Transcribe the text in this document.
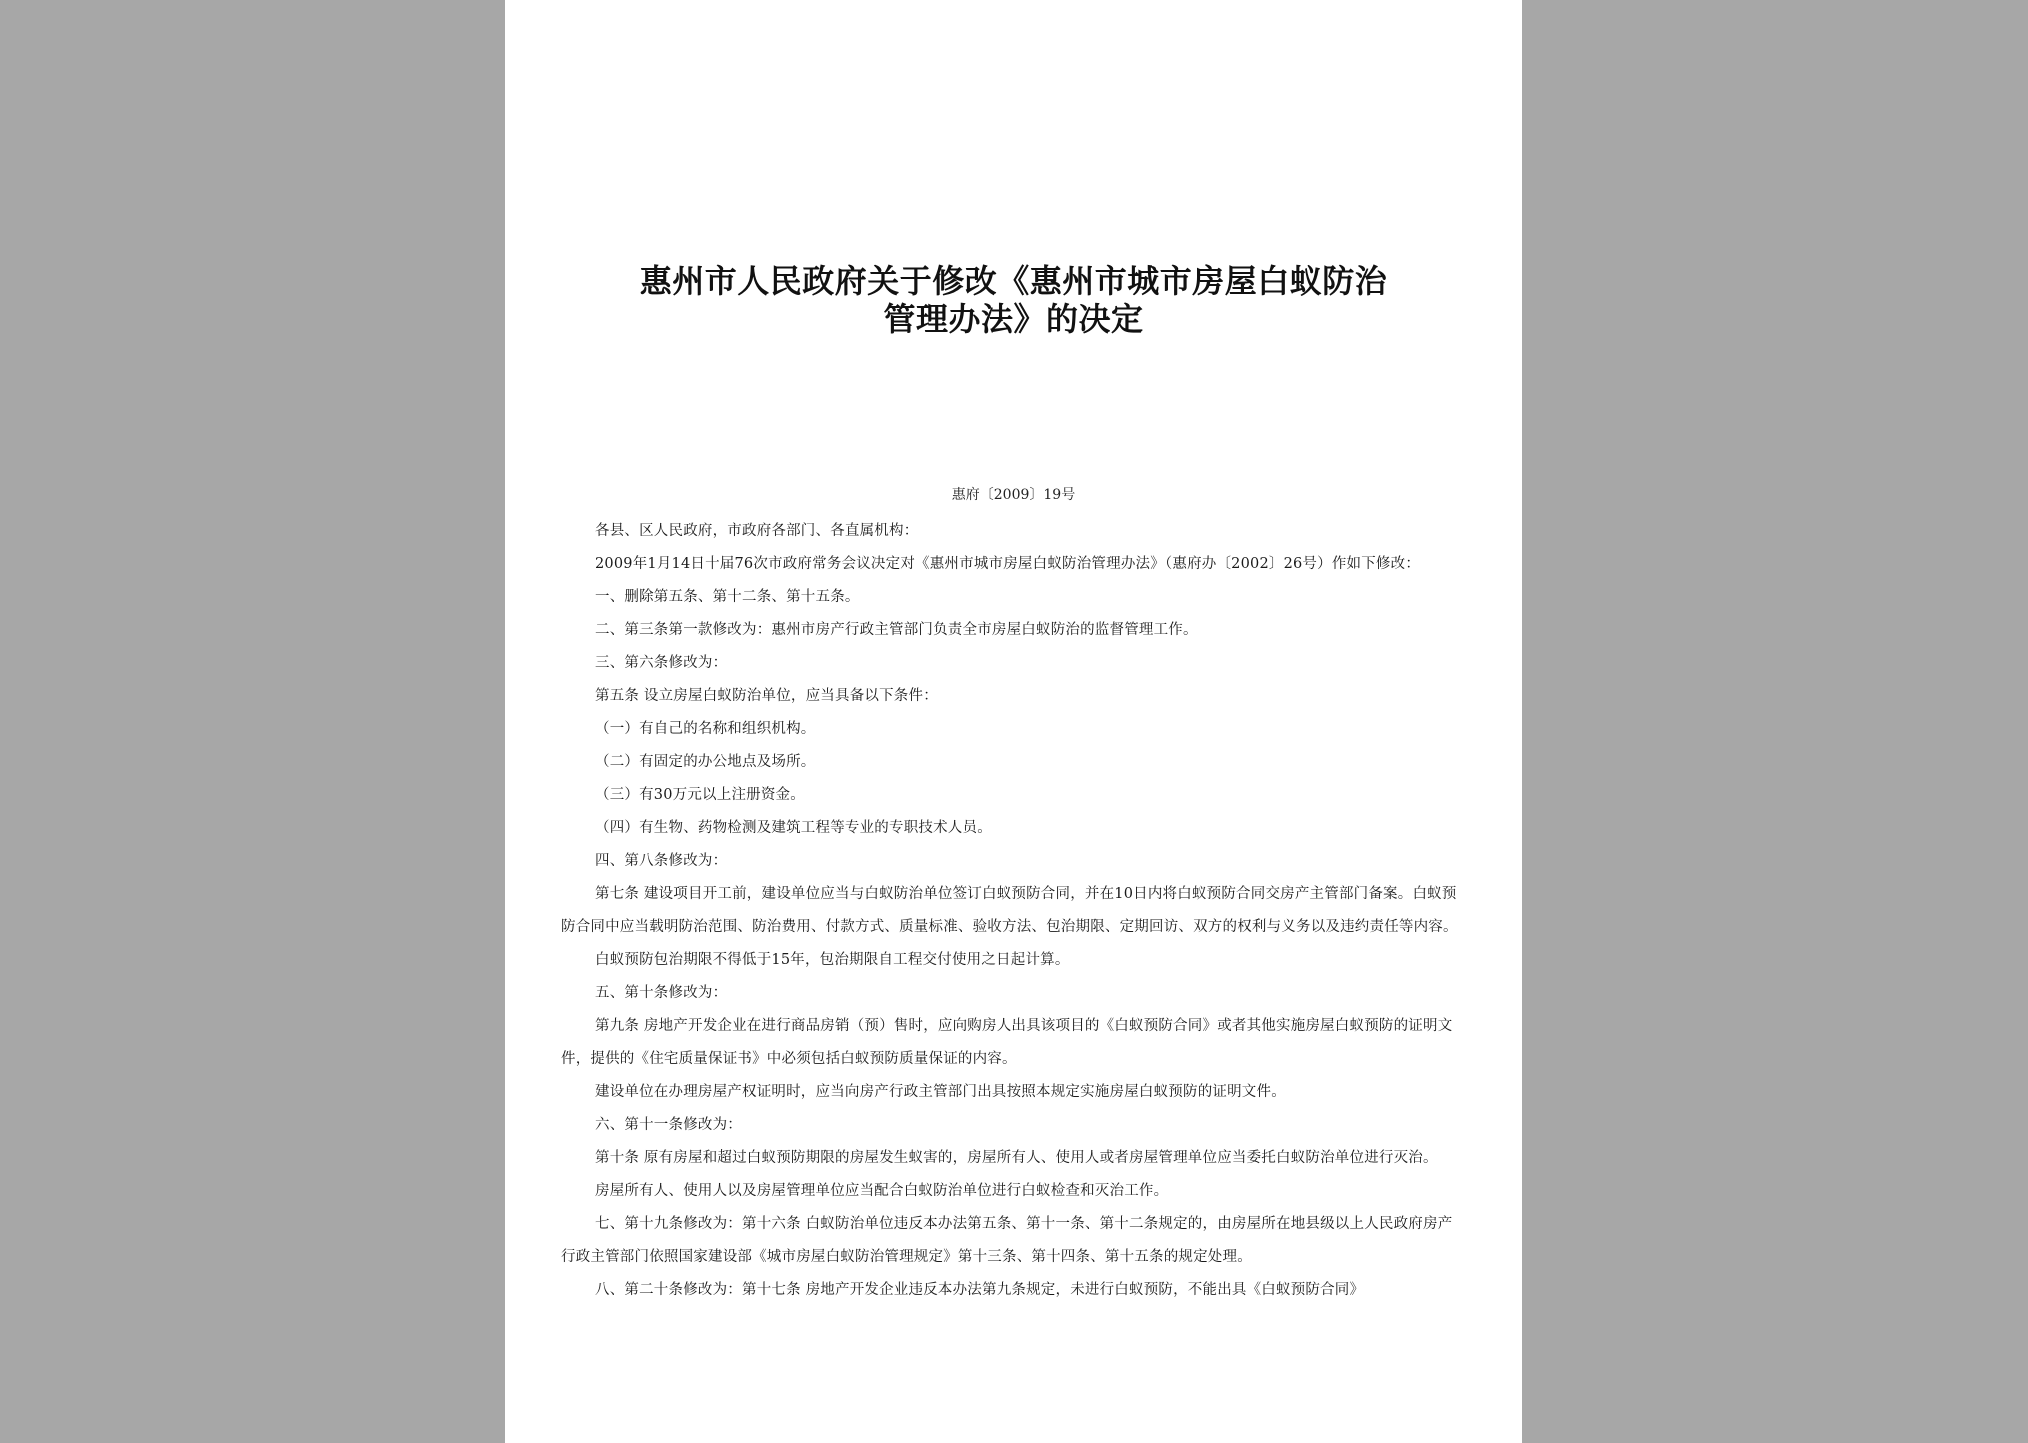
惠州市人民政府关于修改《惠州市城市房屋白蚁防治
管理办法》的决定
惠府〔2009〕19号

各县、区人民政府，市政府各部门、各直属机构：

2009年1月14日十届76次市政府常务会议决定对《惠州市城市房屋白蚁防治管理办法》（惠府办〔2002〕26号）作如下修改：

一、删除第五条、第十二条、第十五条。

二、第三条第一款修改为：惠州市房产行政主管部门负责全市房屋白蚁防治的监督管理工作。

三、第六条修改为：

第五条 设立房屋白蚁防治单位，应当具备以下条件：

（一）有自己的名称和组织机构。

（二）有固定的办公地点及场所。

（三）有30万元以上注册资金。

（四）有生物、药物检测及建筑工程等专业的专职技术人员。

四、第八条修改为：

第七条 建设项目开工前，建设单位应当与白蚁防治单位签订白蚁预防合同，并在10日内将白蚁预防合同交房产主管部门备案。白蚁预防合同中应当载明防治范围、防治费用、付款方式、质量标准、验收方法、包治期限、定期回访、双方的权利与义务以及违约责任等内容。

白蚁预防包治期限不得低于15年，包治期限自工程交付使用之日起计算。

五、第十条修改为：

第九条 房地产开发企业在进行商品房销（预）售时，应向购房人出具该项目的《白蚁预防合同》或者其他实施房屋白蚁预防的证明文件，提供的《住宅质量保证书》中必须包括白蚁预防质量保证的内容。

建设单位在办理房屋产权证明时，应当向房产行政主管部门出具按照本规定实施房屋白蚁预防的证明文件。

六、第十一条修改为：

第十条 原有房屋和超过白蚁预防期限的房屋发生蚁害的，房屋所有人、使用人或者房屋管理单位应当委托白蚁防治单位进行灭治。

房屋所有人、使用人以及房屋管理单位应当配合白蚁防治单位进行白蚁检查和灭治工作。

七、第十九条修改为：第十六条 白蚁防治单位违反本办法第五条、第十一条、第十二条规定的，由房屋所在地县级以上人民政府房产行政主管部门依照国家建设部《城市房屋白蚁防治管理规定》第十三条、第十四条、第十五条的规定处理。

八、第二十条修改为：第十七条 房地产开发企业违反本办法第九条规定，未进行白蚁预防，不能出具《白蚁预防合同》
